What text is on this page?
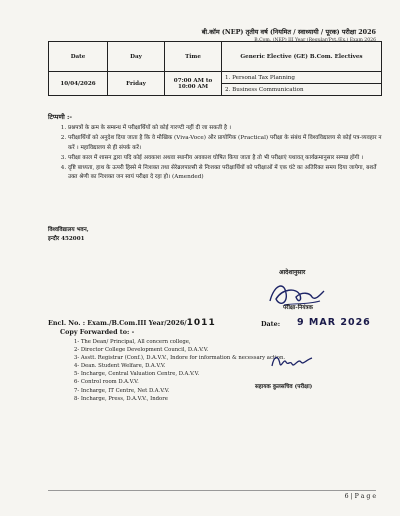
बी.कॉम (NEP) तृतीय वर्ष (नियमित / स्वाध्यायी / पूरक) परीक्षा 2026
B.Com. (NEP) III Year (Regular/Pvt./Ex.) Exam 2026
Date	Day	Time	Generic Elective (GE) B.Com. Electives
10/04/2026	Friday	07:00 AM to 10:00 AM	1. Personal Tax Planning
			2. Business Communication
टिप्पणी :-
1. प्रश्नपत्रों के क्रम के सम्बन्ध में परीक्षार्थियों को कोई गारण्टी नहीं दी जा सकती है ।
2. परीक्षार्थियों को अनुदेश दिया जाता है कि वे मौखिक (Viva-Voce) और प्रायोगिक (Practical) परीक्षा के संबंध में विश्वविद्यालय से कोई पत्र-व्यवहार न करें । महाविद्यालय से ही संपर्क करें।
3. परीक्षा काल में शासन द्वारा यदि कोई अवकाश अथवा स्थानीय अवकाश घोषित किया जाता है तो भी परीक्षाएं यथावत् कार्यक्रमानुसार सम्पन्न होंगी ।
4. दृष्टि बाध्यता, हाथ के ऊपरी हिस्से मे निःशक्त तथा सेरेब्रलपाल्सी से निःशक्त परीक्षार्थियों को परीक्षाओं में एक घंटे का अतिरिक्त समय दिया जायेगा, बशर्ते उक्त श्रेणी का निःशक्त जन स्वयं परीक्षा दे रहा हो। (Amended)
विश्वविद्यालय भवन,
इन्दौर 452001
आदेशानुसार
परीक्षा-नियंत्रक
Encl. No. : Exam./B.Com.III Year/2026/1011	Date: 9 MAR 2026
Copy Forwarded to: -
1- The Dean/ Principal, All concern college,
2- Director College Development Council, D.A.V.V.
3- Asstt. Registrar (Conf.), D.A.V.V., Indore for information & necessary action.
4- Dean. Student Welfare, D.A.V.V.
5- Incharge, Central Valuation Centre, D.A.V.V.
6- Control room D.A.V.V.
7- Incharge, IT Centre, Net D.A.V.V.
8- Incharge, Press, D.A.V.V., Indore
सहायक कुलसचिव (परीक्षा)
6 | P a g e
